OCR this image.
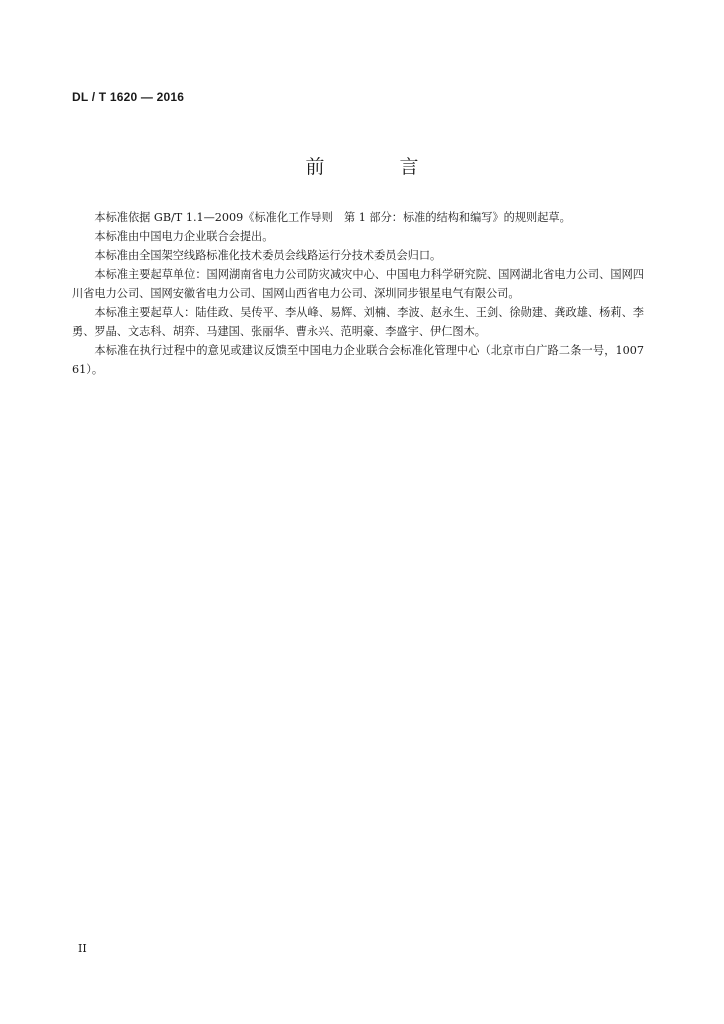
DL / T 1620 — 2016
前　言

本标准依据 GB/T 1.1—2009《标准化工作导则　第 1 部分：标准的结构和编写》的规则起草。

本标准由中国电力企业联合会提出。

本标准由全国架空线路标准化技术委员会线路运行分技术委员会归口。

本标准主要起草单位：国网湖南省电力公司防灾减灾中心、中国电力科学研究院、国网湖北省电力公司、国网四川省电力公司、国网安徽省电力公司、国网山西省电力公司、深圳同步银星电气有限公司。

本标准主要起草人：陆佳政、吴传平、李从峰、易辉、刘楠、李波、赵永生、王剑、徐勋建、龚政雄、杨莉、李勇、罗晶、文志科、胡弈、马建国、张丽华、曹永兴、范明豪、李盛宇、伊仁图木。

本标准在执行过程中的意见或建议反馈至中国电力企业联合会标准化管理中心（北京市白广路二条一号，100761）。

II
